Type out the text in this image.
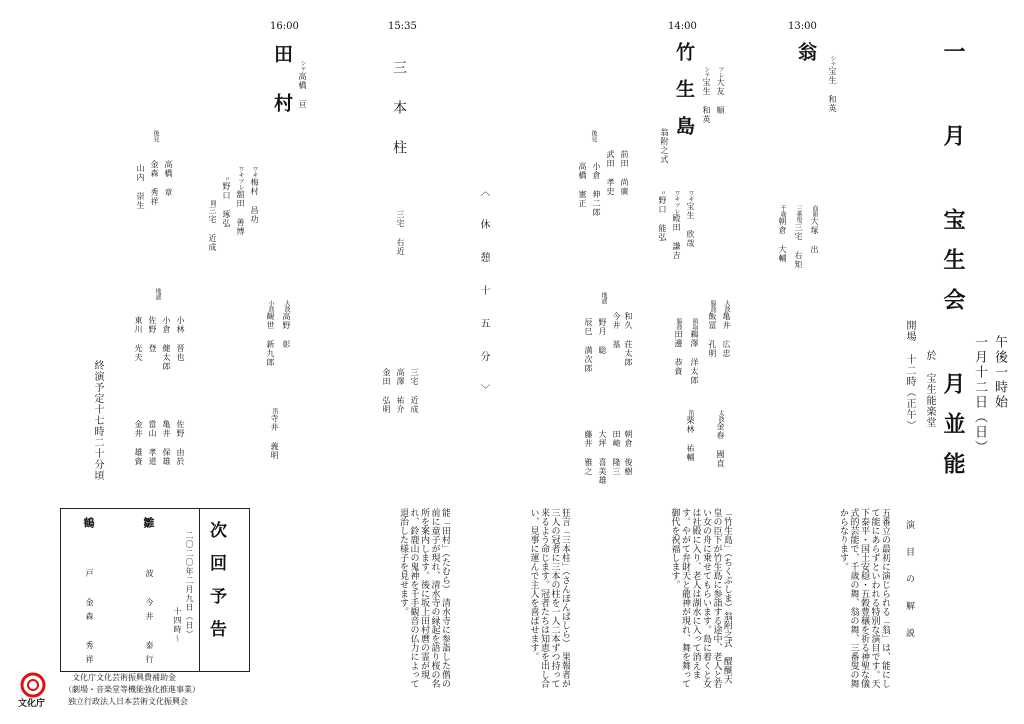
一 月 宝生会 月並能 一月十二日（日） 午後一時始
開場 十二時（正午） 於 宝生能楽堂
13:00
翁 シテ宝生 和英
面箱大塚 出
三番叟三宅 右矩
千歳朝倉 大輔
14:00
竹生島
翁附之式
ツレ大友 順
シテ宝生 和英
ワキ宝生 欣哉
ワキツレ殿田 謙吉
〃野口 能弘
大鼓亀井 広忠
脇鼓飯冨 孔明
頭取鵜澤 洋太郎
脇鼓田邊 恭資
太鼓金春 國直
笛栗林 祐輔
後見
前田 尚廣
武田 孝史
小倉 伸二郎
高橋 憲正
地謡
和久 荘太郎
今井 基
野月 聡
辰巳 満次郎
朝倉 俊樹
田崎 隆三
大坪 喜美雄
藤井 雅之
15:35
三本柱
三宅 右近
三宅 近成
高澤 祐介
金田 弘明	〈 休 憩 十 五 分 〉
16:00
田村 シテ高橋 亘
ワキ梅村 昌功
ワキツレ舘田 善博
〃野口 琢弘
間三宅 近成
大鼓高野 彰
小鼓観世 新九郎
笛寺井 義明
後見
高橋 章
金森 秀祥
山内 崇生
地謡
小林 晋也
小倉 健太郎
佐野 登
東川 光夫
佐野 由於
亀井 保雄
當山 孝道
金井 雄資
終演予定十七時二十分頃
次回予告
二〇二〇年二月九日（日）
十四時〜
雛
波 今井 泰行
鶴
戸 金森 秀祥	演 目 の 解 説
五番立の最初に演じられる「翁」は、能にして能にあらずといわれる特別な演目です。天下泰平・国土安穏・五穀豊穣を祈る神聖な儀式的芸能で、千歳の舞、翁の舞、三番叟の舞からなります。
「竹生島」（ちくぶしま）翁附之式　醍醐天皇の臣下が竹生島に参詣する途中、老人と若い女の舟に乗せてもらいます。島に着くと女は社殿に入り、老人は湖水に入って消えます。やがて弁財天と龍神が現れ、舞を舞って御代を祝福します。
狂言「三本柱」（さんぼんばしら）　果報者が三人の冠者に三本の柱を一人二本ずつ持って来るよう命じます。冠者たちは知恵を出し合い、見事に運んで主人を喜ばせます。
能「田村」（たむら）　清水寺に参詣した僧の前に童子が現れ、清水寺の縁起を語り桜の名所を案内します。後に坂上田村麿の霊が現れ、鈴鹿山の鬼神を千手観音の仏力によって退治した様子を見せます。
文化庁
文化庁文化芸術振興費補助金
（劇場・音楽堂等機能強化推進事業）
独立行政法人日本芸術文化振興会
